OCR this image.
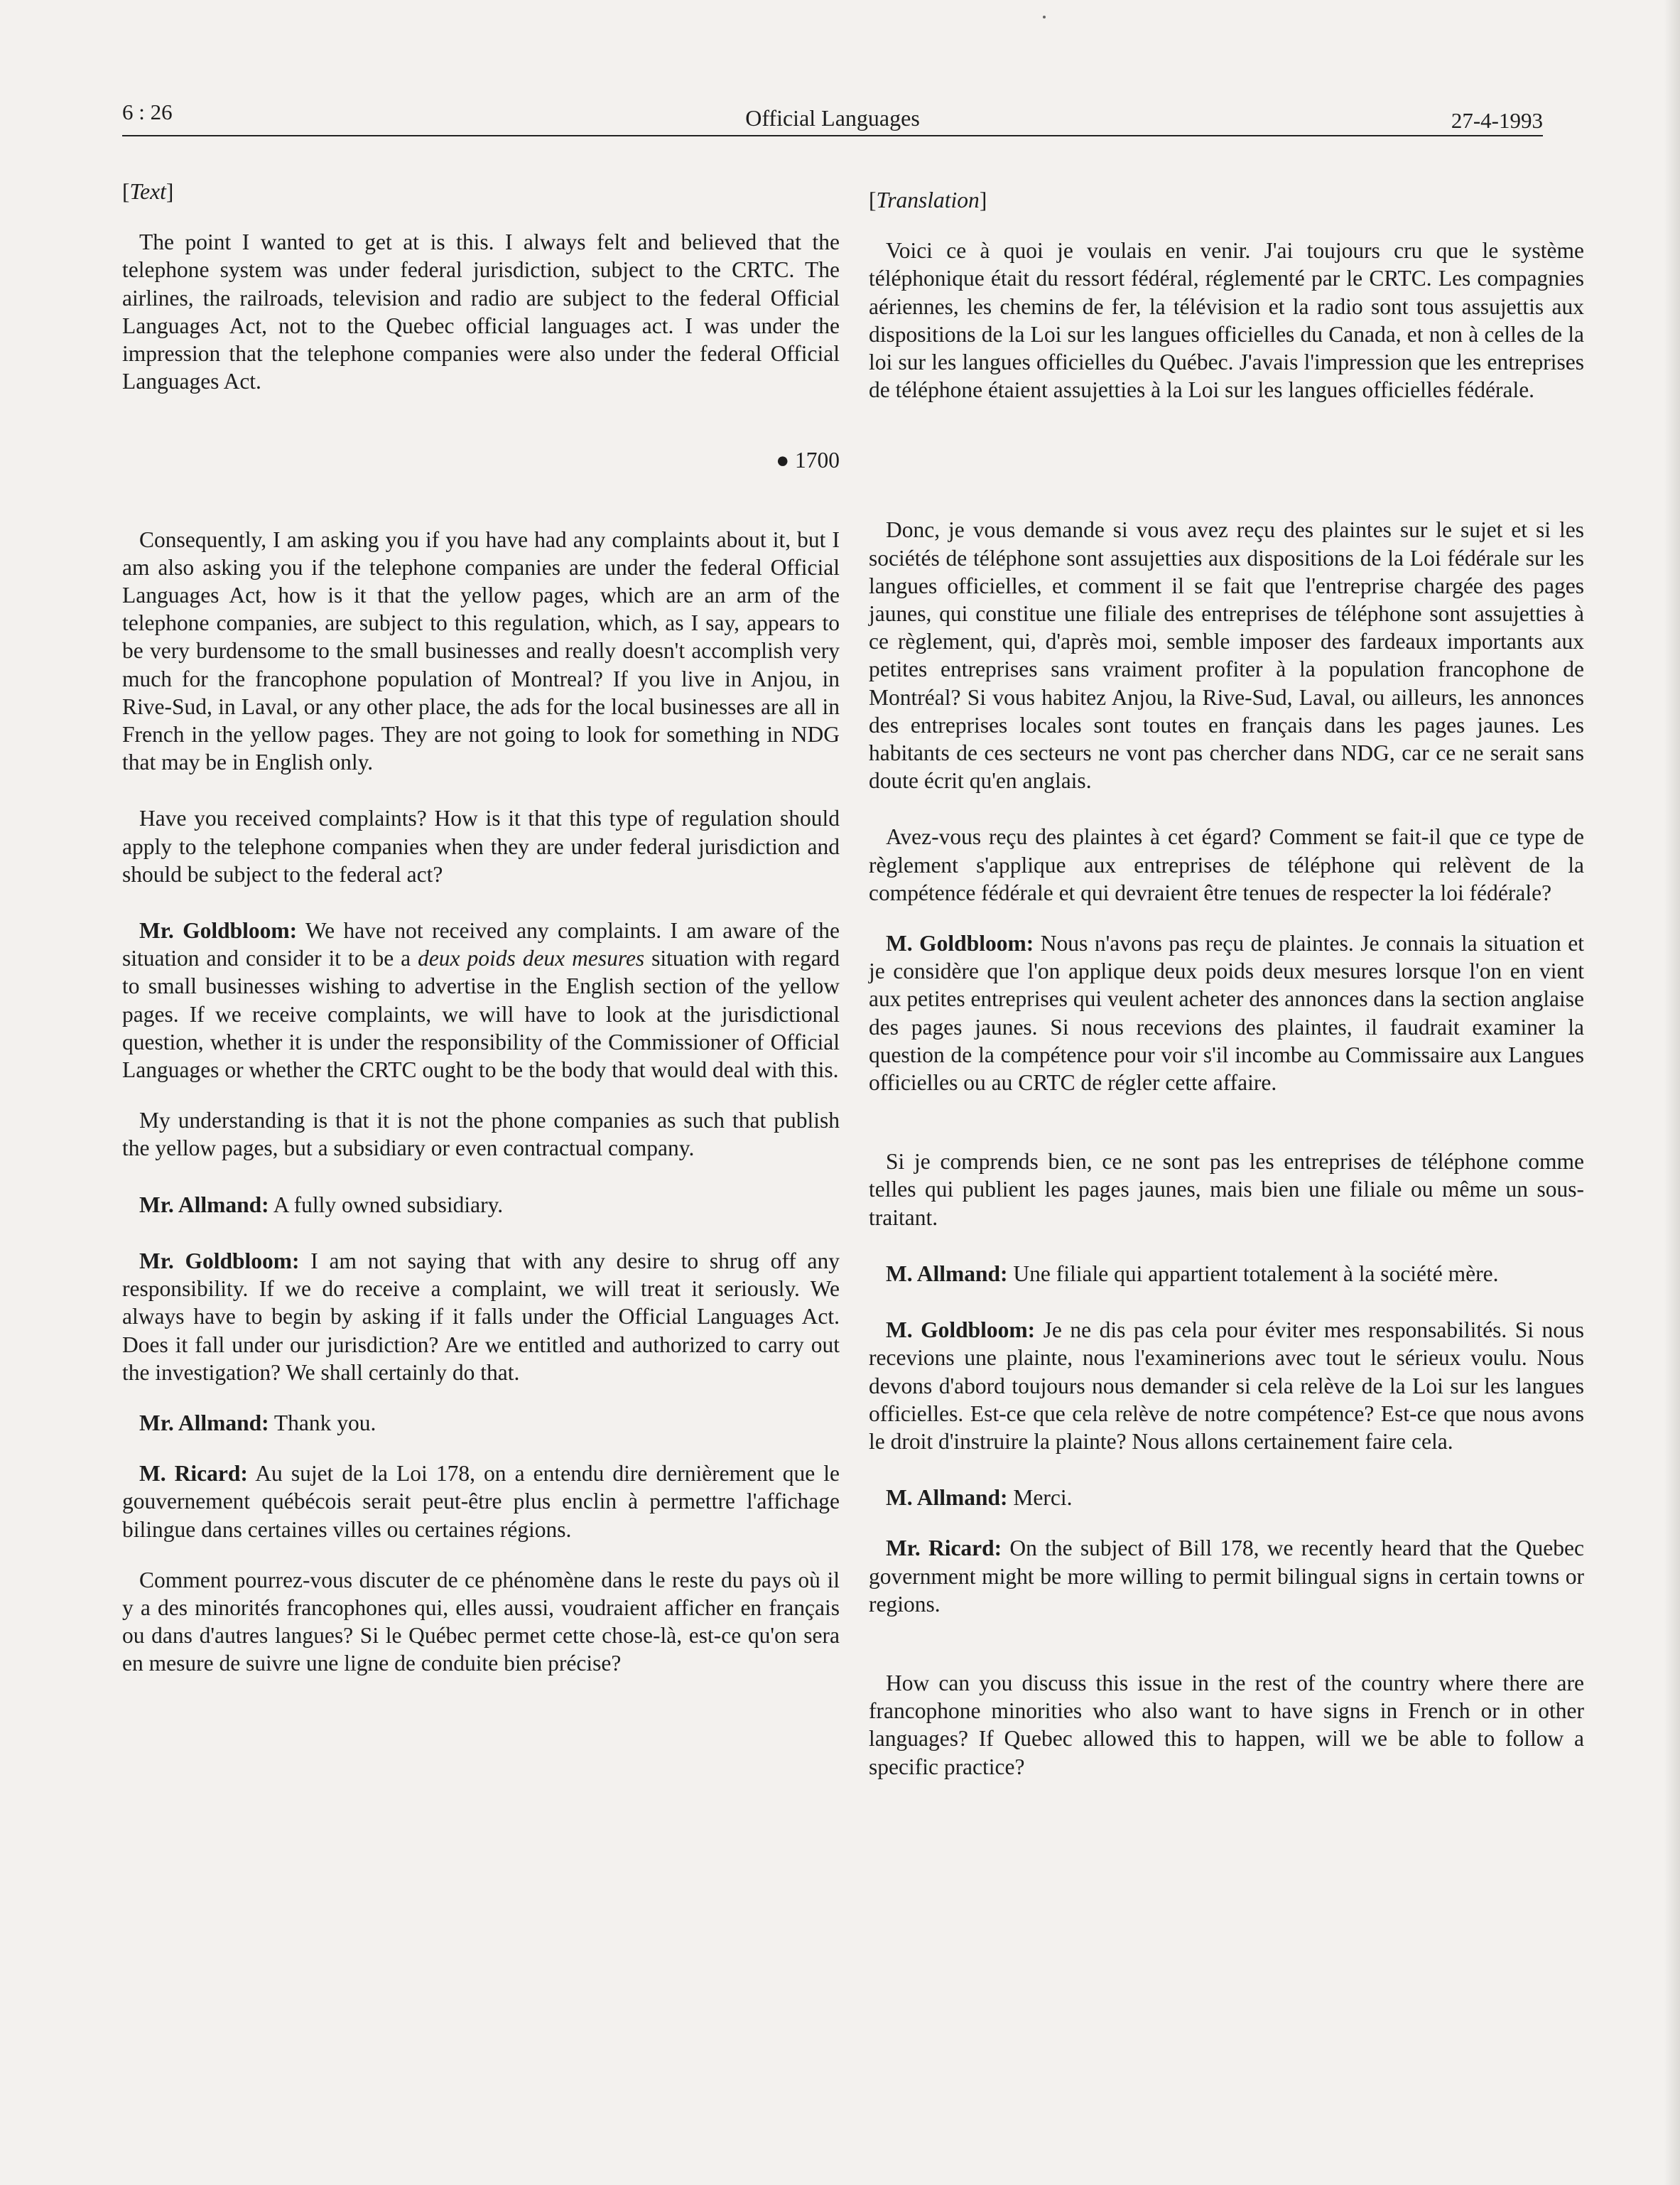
6 : 26	Official Languages	27-4-1993

[Text]

The point I wanted to get at is this. I always felt and believed that the telephone system was under federal jurisdiction, subject to the CRTC. The airlines, the railroads, television and radio are subject to the federal Official Languages Act, not to the Quebec official languages act. I was under the impression that the telephone companies were also under the federal Official Languages Act.

● 1700

Consequently, I am asking you if you have had any complaints about it, but I am also asking you if the telephone companies are under the federal Official Languages Act, how is it that the yellow pages, which are an arm of the telephone companies, are subject to this regulation, which, as I say, appears to be very burdensome to the small businesses and really doesn't accomplish very much for the francophone population of Montreal? If you live in Anjou, in Rive-Sud, in Laval, or any other place, the ads for the local businesses are all in French in the yellow pages. They are not going to look for something in NDG that may be in English only.

Have you received complaints? How is it that this type of regulation should apply to the telephone companies when they are under federal jurisdiction and should be subject to the federal act?

Mr. Goldbloom: We have not received any complaints. I am aware of the situation and consider it to be a deux poids deux mesures situation with regard to small businesses wishing to advertise in the English section of the yellow pages. If we receive complaints, we will have to look at the jurisdictional question, whether it is under the responsibility of the Commissioner of Official Languages or whether the CRTC ought to be the body that would deal with this.

My understanding is that it is not the phone companies as such that publish the yellow pages, but a subsidiary or even contractual company.

Mr. Allmand: A fully owned subsidiary.

Mr. Goldbloom: I am not saying that with any desire to shrug off any responsibility. If we do receive a complaint, we will treat it seriously. We always have to begin by asking if it falls under the Official Languages Act. Does it fall under our jurisdiction? Are we entitled and authorized to carry out the investigation? We shall certainly do that.

Mr. Allmand: Thank you.

M. Ricard: Au sujet de la Loi 178, on a entendu dire dernièrement que le gouvernement québécois serait peut-être plus enclin à permettre l'affichage bilingue dans certaines villes ou certaines régions.

Comment pourrez-vous discuter de ce phénomène dans le reste du pays où il y a des minorités francophones qui, elles aussi, voudraient afficher en français ou dans d'autres langues? Si le Québec permet cette chose-là, est-ce qu'on sera en mesure de suivre une ligne de conduite bien précise?

[Translation]

Voici ce à quoi je voulais en venir. J'ai toujours cru que le système téléphonique était du ressort fédéral, réglementé par le CRTC. Les compagnies aériennes, les chemins de fer, la télévision et la radio sont tous assujettis aux dispositions de la Loi sur les langues officielles du Canada, et non à celles de la loi sur les langues officielles du Québec. J'avais l'impression que les entreprises de téléphone étaient assujetties à la Loi sur les langues officielles fédérale.

Donc, je vous demande si vous avez reçu des plaintes sur le sujet et si les sociétés de téléphone sont assujetties aux dispositions de la Loi fédérale sur les langues officielles, et comment il se fait que l'entreprise chargée des pages jaunes, qui constitue une filiale des entreprises de téléphone sont assujetties à ce règlement, qui, d'après moi, semble imposer des fardeaux importants aux petites entreprises sans vraiment profiter à la population francophone de Montréal? Si vous habitez Anjou, la Rive-Sud, Laval, ou ailleurs, les annonces des entreprises locales sont toutes en français dans les pages jaunes. Les habitants de ces secteurs ne vont pas chercher dans NDG, car ce ne serait sans doute écrit qu'en anglais.

Avez-vous reçu des plaintes à cet égard? Comment se fait-il que ce type de règlement s'applique aux entreprises de téléphone qui relèvent de la compétence fédérale et qui devraient être tenues de respecter la loi fédérale?

M. Goldbloom: Nous n'avons pas reçu de plaintes. Je connais la situation et je considère que l'on applique deux poids deux mesures lorsque l'on en vient aux petites entreprises qui veulent acheter des annonces dans la section anglaise des pages jaunes. Si nous recevions des plaintes, il faudrait examiner la question de la compétence pour voir s'il incombe au Commissaire aux Langues officielles ou au CRTC de régler cette affaire.

Si je comprends bien, ce ne sont pas les entreprises de téléphone comme telles qui publient les pages jaunes, mais bien une filiale ou même un sous-traitant.

M. Allmand: Une filiale qui appartient totalement à la société mère.

M. Goldbloom: Je ne dis pas cela pour éviter mes responsabilités. Si nous recevions une plainte, nous l'examinerions avec tout le sérieux voulu. Nous devons d'abord toujours nous demander si cela relève de la Loi sur les langues officielles. Est-ce que cela relève de notre compétence? Est-ce que nous avons le droit d'instruire la plainte? Nous allons certainement faire cela.

M. Allmand: Merci.

Mr. Ricard: On the subject of Bill 178, we recently heard that the Quebec government might be more willing to permit bilingual signs in certain towns or regions.

How can you discuss this issue in the rest of the country where there are francophone minorities who also want to have signs in French or in other languages? If Quebec allowed this to happen, will we be able to follow a specific practice?
